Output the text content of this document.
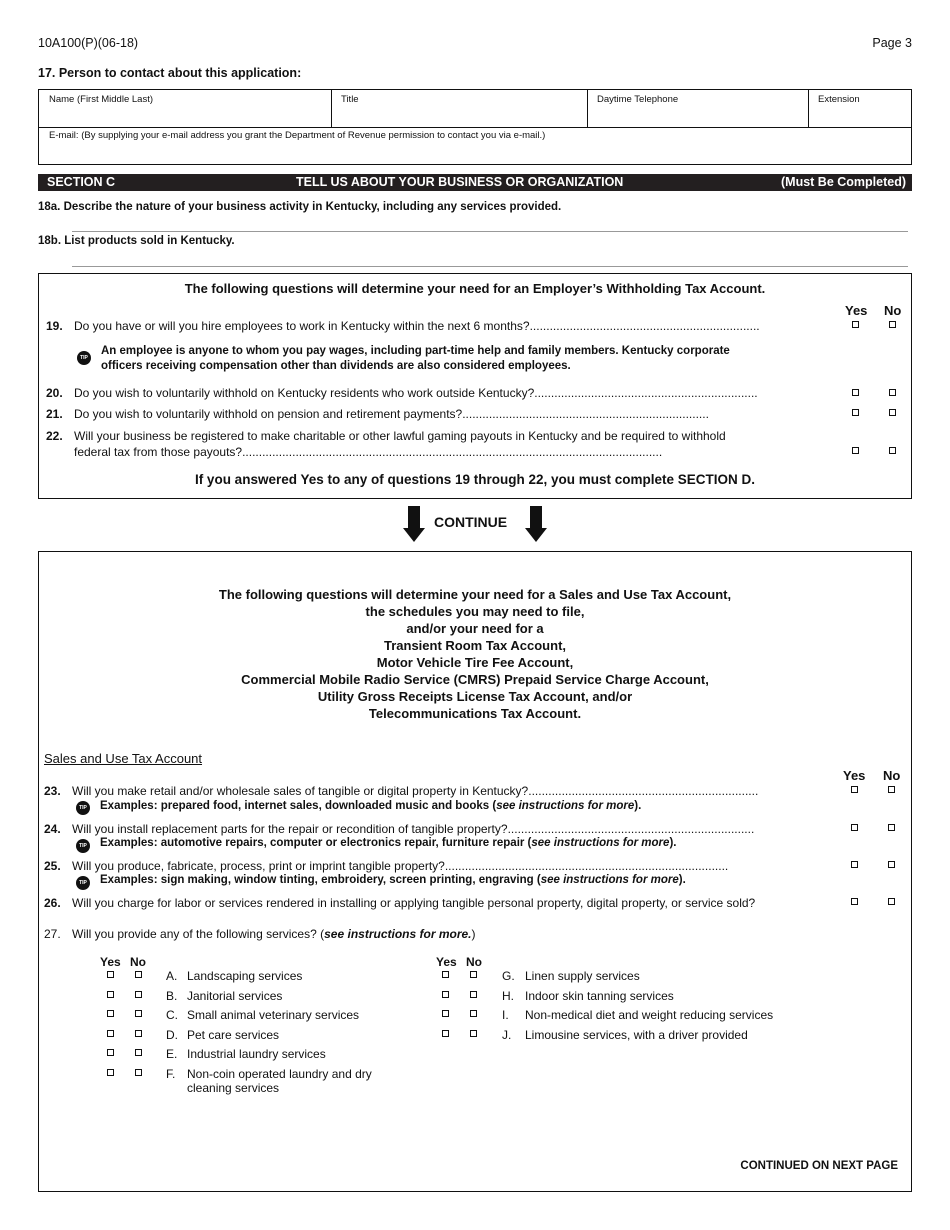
10A100(P)(06-18)	Page 3
17. Person to contact about this application:
Name (First Middle Last)	Title	Daytime Telephone	Extension
E-mail: (By supplying your e-mail address you grant the Department of Revenue permission to contact you via e-mail.)
SECTION C	TELL US ABOUT YOUR BUSINESS OR ORGANIZATION	(Must Be Completed)
18a. Describe the nature of your business activity in Kentucky, including any services provided.
18b. List products sold in Kentucky.
The following questions will determine your need for an Employer’s Withholding Tax Account.
Yes No
19. Do you have or will you hire employees to work in Kentucky within the next 6 months?.....................................................................
TIP
An employee is anyone to whom you pay wages, including part-time help and family members. Kentucky corporate
officers receiving compensation other than dividends are also considered employees.
20. Do you wish to voluntarily withhold on Kentucky residents who work outside Kentucky?...................................................................
21. Do you wish to voluntarily withhold on pension and retirement payments?..........................................................................
22. Will your business be registered to make charitable or other lawful gaming payouts in Kentucky and be required to withhold
federal tax from those payouts?..............................................................................................................................
If you answered Yes to any of questions 19 through 22, you must complete SECTION D.
CONTINUE
The following questions will determine your need for a Sales and Use Tax Account,
the schedules you may need to file,
and/or your need for a
Transient Room Tax Account,
Motor Vehicle Tire Fee Account,
Commercial Mobile Radio Service (CMRS) Prepaid Service Charge Account,
Utility Gross Receipts License Tax Account, and/or
Telecommunications Tax Account.
Sales and Use Tax Account
Yes No
23. Will you make retail and/or wholesale sales of tangible or digital property in Kentucky?.....................................................................
TIP Examples: prepared food, internet sales, downloaded music and books (see instructions for more).
24. Will you install replacement parts for the repair or recondition of tangible property?..........................................................................
TIP Examples: automotive repairs, computer or electronics repair, furniture repair (see instructions for more).
25. Will you produce, fabricate, process, print or imprint tangible property?.....................................................................................
TIP Examples: sign making, window tinting, embroidery, screen printing, engraving (see instructions for more).
26. Will you charge for labor or services rendered in installing or applying tangible personal property, digital property, or service sold?
27. Will you provide any of the following services? (see instructions for more.)
Yes No
A. Landscaping services
B. Janitorial services
C. Small animal veterinary services
D. Pet care services
E. Industrial laundry services
F. Non-coin operated laundry and dry
cleaning services
Yes No
G. Linen supply services
H. Indoor skin tanning services
I. Non-medical diet and weight reducing services
J. Limousine services, with a driver provided
CONTINUED ON NEXT PAGE
